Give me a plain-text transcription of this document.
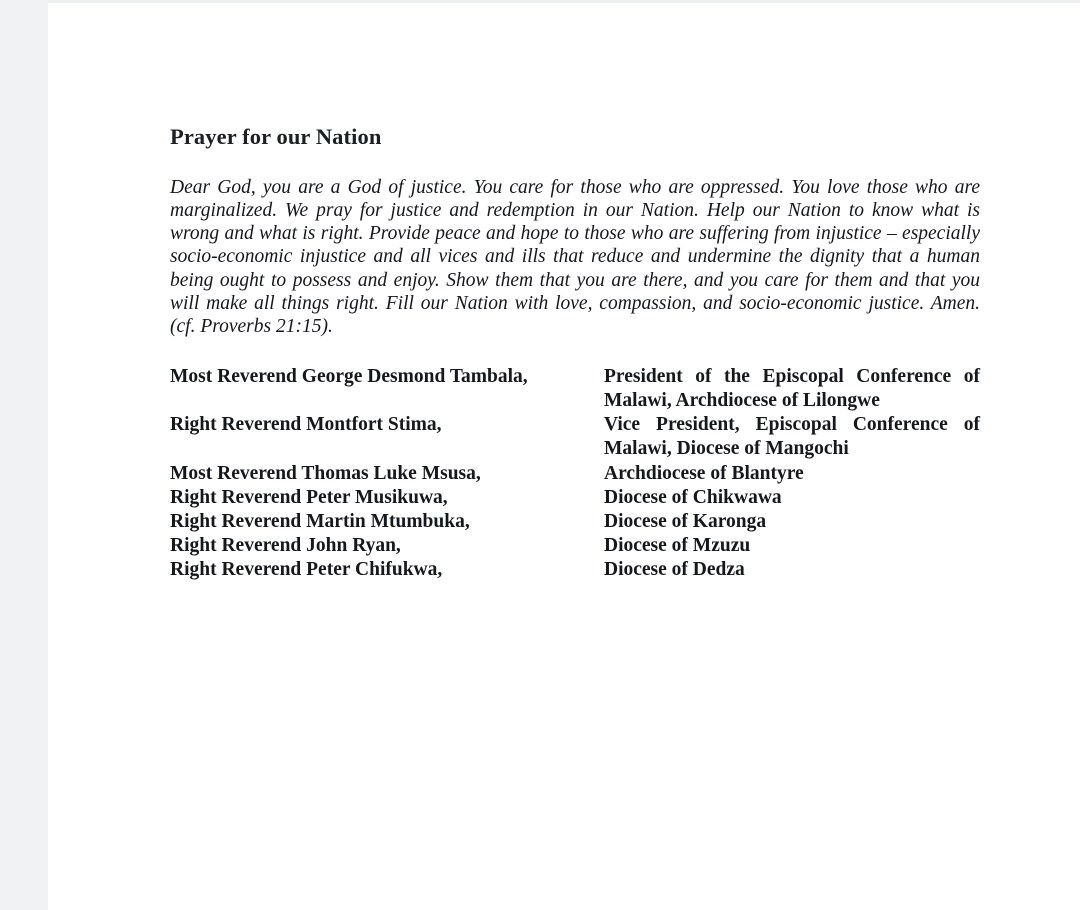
Prayer for our Nation

Dear God, you are a God of justice. You care for those who are oppressed. You love those who are marginalized. We pray for justice and redemption in our Nation. Help our Nation to know what is wrong and what is right. Provide peace and hope to those who are suffering from injustice – especially socio-economic injustice and all vices and ills that reduce and undermine the dignity that a human being ought to possess and enjoy. Show them that you are there, and you care for them and that you will make all things right. Fill our Nation with love, compassion, and socio-economic justice. Amen. (cf. Proverbs 21:15).

Most Reverend George Desmond Tambala,	President of the Episcopal Conference of
Malawi, Archdiocese of Lilongwe
Right Reverend Montfort Stima,	Vice President, Episcopal Conference of
Malawi, Diocese of Mangochi
Most Reverend Thomas Luke Msusa,	Archdiocese of Blantyre
Right Reverend Peter Musikuwa,	Diocese of Chikwawa
Right Reverend Martin Mtumbuka,	Diocese of Karonga
Right Reverend John Ryan,	Diocese of Mzuzu
Right Reverend Peter Chifukwa,	Diocese of Dedza
